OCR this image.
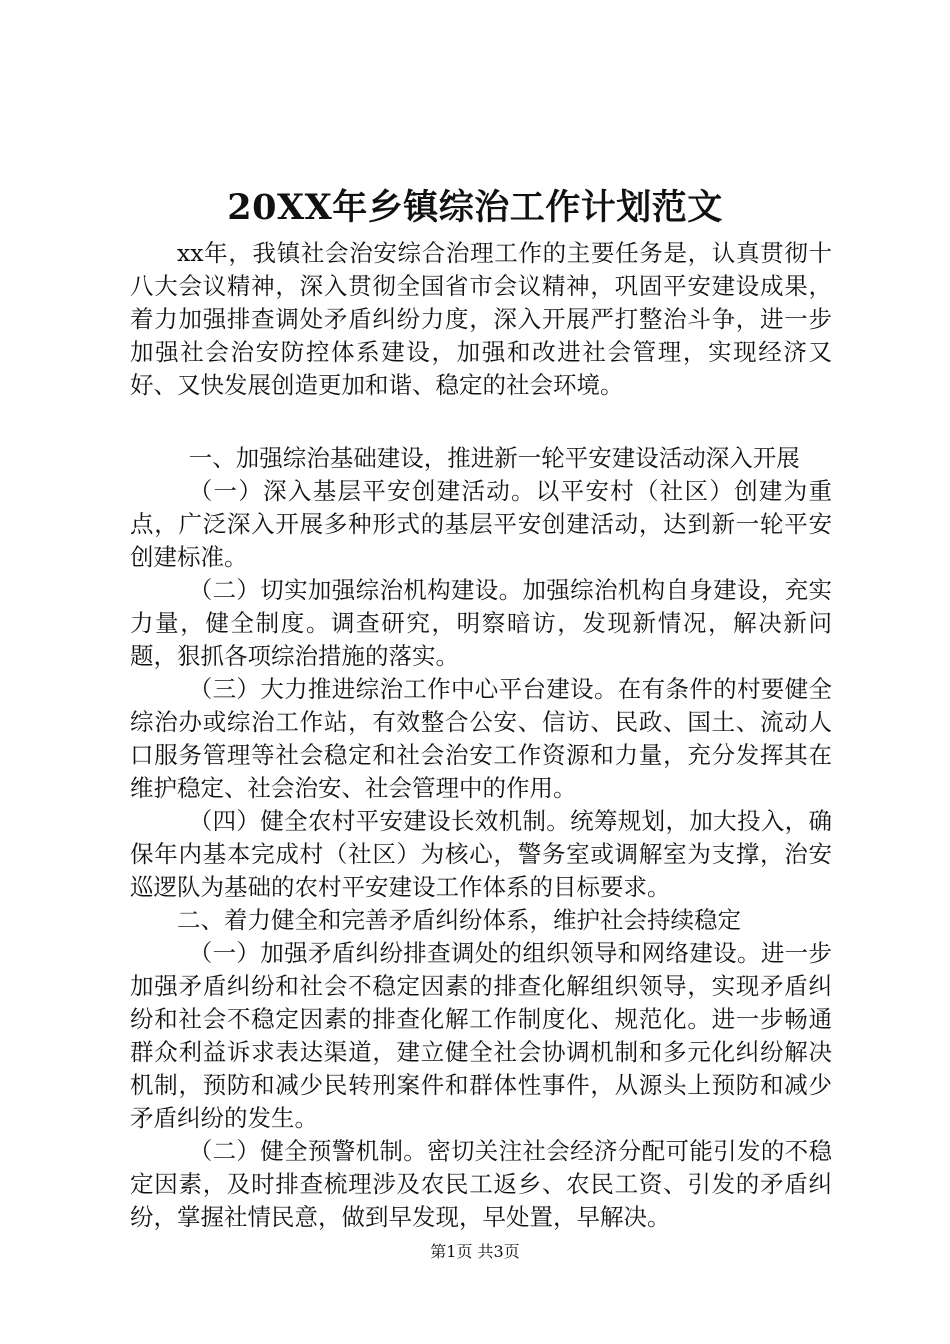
20XX年乡镇综治工作计划范文

xx年，我镇社会治安综合治理工作的主要任务是，认真贯彻十八大会议精神，深入贯彻全国省市会议精神，巩固平安建设成果，着力加强排查调处矛盾纠纷力度，深入开展严打整治斗争，进一步加强社会治安防控体系建设，加强和改进社会管理，实现经济又好、又快发展创造更加和谐、稳定的社会环境。

一、加强综治基础建设，推进新一轮平安建设活动深入开展

（一）深入基层平安创建活动。以平安村（社区）创建为重点，广泛深入开展多种形式的基层平安创建活动，达到新一轮平安创建标准。

（二）切实加强综治机构建设。加强综治机构自身建设，充实力量，健全制度。调查研究，明察暗访，发现新情况，解决新问题，狠抓各项综治措施的落实。

（三）大力推进综治工作中心平台建设。在有条件的村要健全综治办或综治工作站，有效整合公安、信访、民政、国土、流动人口服务管理等社会稳定和社会治安工作资源和力量，充分发挥其在维护稳定、社会治安、社会管理中的作用。

（四）健全农村平安建设长效机制。统筹规划，加大投入，确保年内基本完成村（社区）为核心，警务室或调解室为支撑，治安巡逻队为基础的农村平安建设工作体系的目标要求。

二、着力健全和完善矛盾纠纷体系，维护社会持续稳定

（一）加强矛盾纠纷排查调处的组织领导和网络建设。进一步加强矛盾纠纷和社会不稳定因素的排查化解组织领导，实现矛盾纠纷和社会不稳定因素的排查化解工作制度化、规范化。进一步畅通群众利益诉求表达渠道，建立健全社会协调机制和多元化纠纷解决机制，预防和减少民转刑案件和群体性事件，从源头上预防和减少矛盾纠纷的发生。

（二）健全预警机制。密切关注社会经济分配可能引发的不稳定因素，及时排查梳理涉及农民工返乡、农民工资、引发的矛盾纠纷，掌握社情民意，做到早发现，早处置，早解决。

第1页 共3页
